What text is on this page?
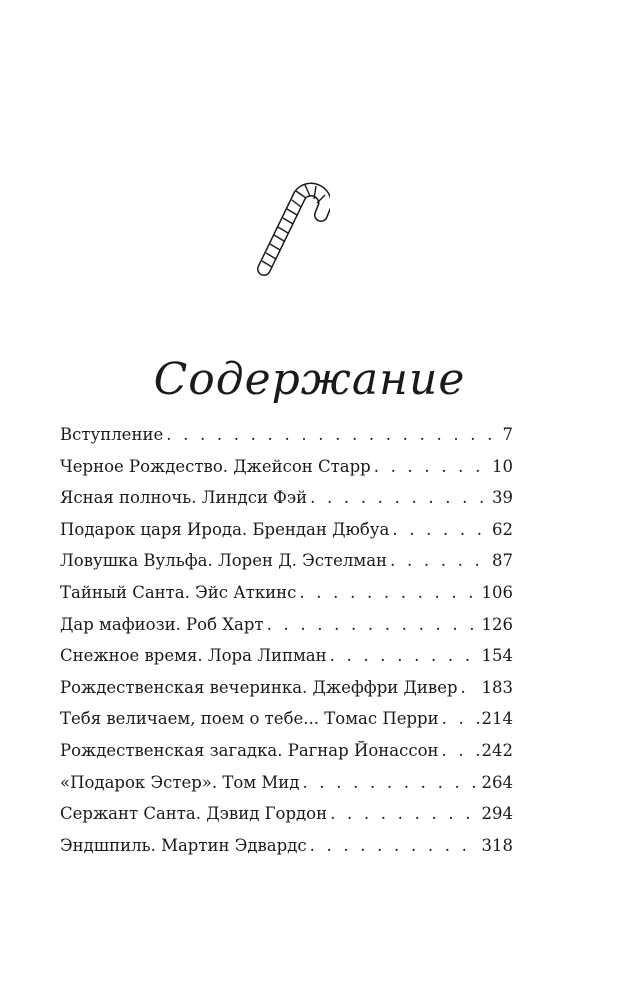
Содержание
Вступление . . .	7
Черное Рождество. Джейсон Старр . . .	10
Ясная полночь. Линдси Фэй . . .	39
Подарок царя Ирода. Брендан Дюбуа . . .	62
Ловушка Вульфа. Лорен Д. Эстелман . . .	87
Тайный Санта. Эйс Аткинс . . .	106
Дар мафиози. Роб Харт . . .	126
Снежное время. Лора Липман . . .	154
Рождественская вечеринка. Джеффри Дивер . . . 183
Тебя величаем, поем о тебе... Томас Перри . . .	214
Рождественская загадка. Рагнар Йонассон . . .	242
«Подарок Эстер». Том Мид . . .	264
Сержант Санта. Дэвид Гордон . . .	294
Эндшпиль. Мартин Эдвардс . . .	318
